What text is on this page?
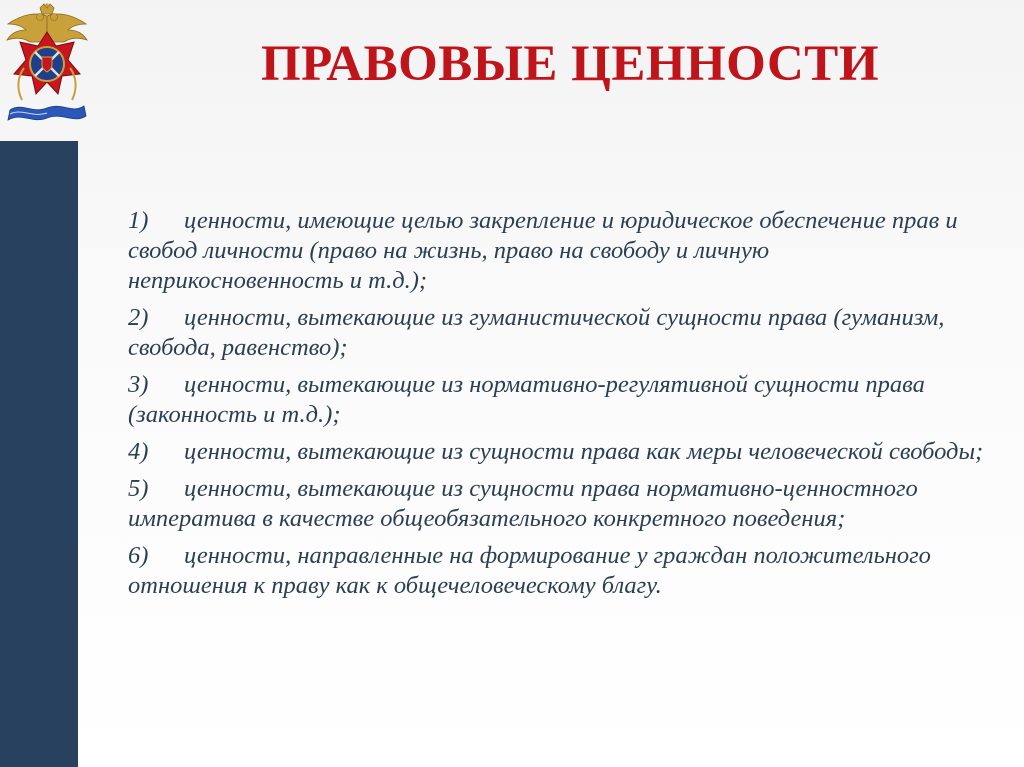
ПРАВОВЫЕ ЦЕННОСТИ
1) ценности, имеющие целью закрепление и юридическое обеспечение прав и свобод личности (право на жизнь, право на свободу и личную неприкосновенность и т.д.);
2) ценности, вытекающие из гуманистической сущности права (гуманизм, свобода, равенство);
3) ценности, вытекающие из нормативно-регулятивной сущности права (законность и т.д.);
4) ценности, вытекающие из сущности права как меры человеческой свободы;
5) ценности, вытекающие из сущности права нормативно-ценностного императива в качестве общеобязательного конкретного поведения;
6) ценности, направленные на формирование у граждан положительного отношения к праву как к общечеловеческому благу.
